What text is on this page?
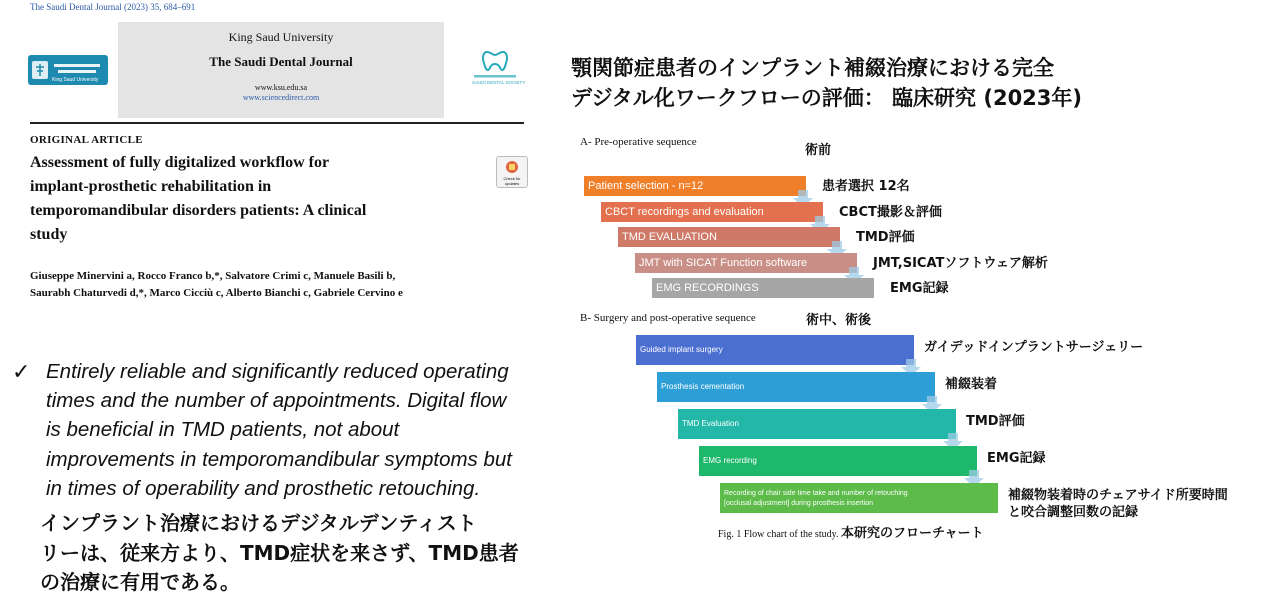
The Saudi Dental Journal (2023) 35, 684–691
King Saud University
King Saud University
The Saudi Dental Journal
www.ksu.edu.sa
www.sciencedirect.com
SAUDI DENTAL SOCIETY
ORIGINAL ARTICLE
Assessment of fully digitalized workflow for
implant-prosthetic rehabilitation in
temporomandibular disorders patients: A clinical
study
Check for updates
Giuseppe Minervini a, Rocco Franco b,*, Salvatore Crimi c, Manuele Basili b,
Saurabh Chaturvedi d,*, Marco Cicciù c, Alberto Bianchi c, Gabriele Cervino e
✓ Entirely reliable and significantly reduced operating
times and the number of appointments. Digital flow
is beneficial in TMD patients, not about
improvements in temporomandibular symptoms but
in times of operability and prosthetic retouching.
インプラント治療におけるデジタルデンティスト
リーは、従来方より、TMD症状を来さず、TMD患者
の治療に有用である。
顎関節症患者のインプラント補綴治療における完全
デジタル化ワークフローの評価： 臨床研究 (2023年)
A- Pre-operative sequence
術前
Patient selection - n=12	患者選択 12名
CBCT recordings and evaluation	CBCT撮影＆評価
TMD EVALUATION	TMD評価
JMT with SICAT Function software	JMT,SICATソフトウェア解析
EMG RECORDINGS	EMG記録
B- Surgery and post-operative sequence	術中、術後
Guided implant surgery	ガイデッドインプラントサージェリー
Prosthesis cementation	補綴装着
TMD Evaluation	TMD評価
EMG recording	EMG記録
Recording of chair side time take and number of retouching
[occlusal adjustment] during prosthesis insertion
補綴物装着時のチェアサイド所要時間
と咬合調整回数の記録
Fig. 1 Flow chart of the study. 本研究のフローチャート
